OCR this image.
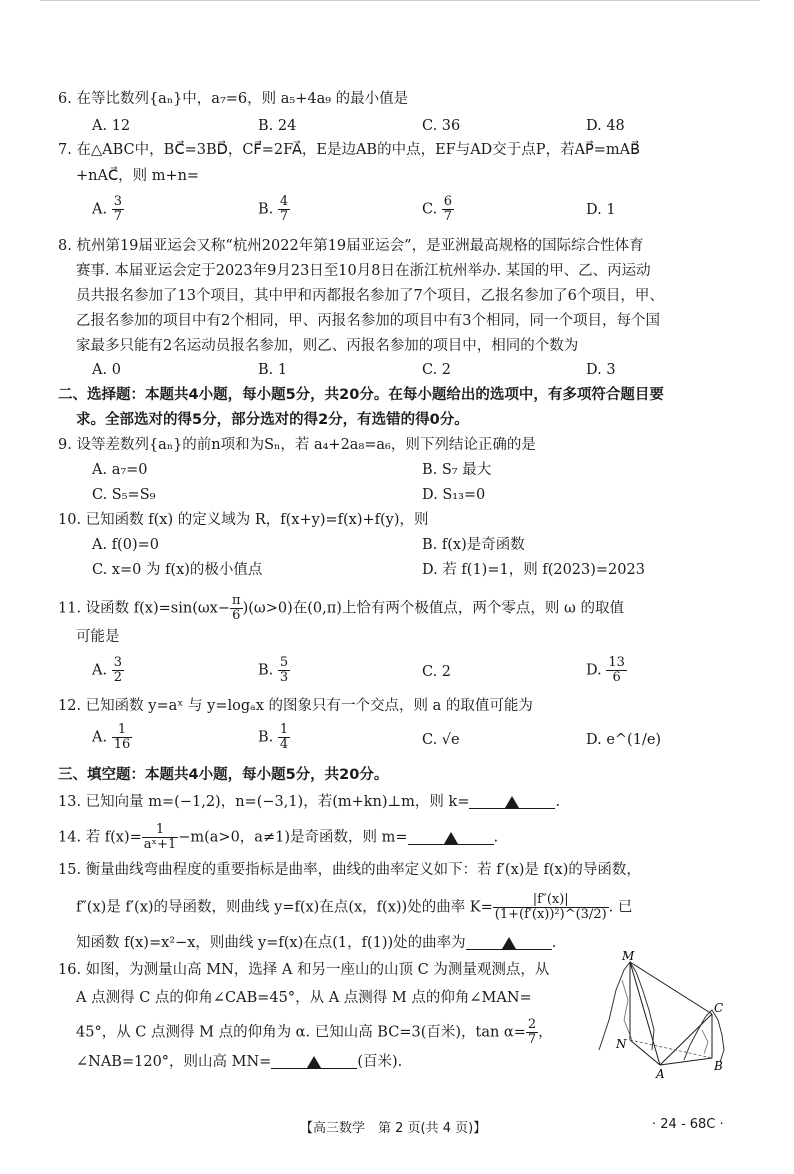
6. 在等比数列{aₙ}中，a₇=6，则 a₅+4a₉ 的最小值是
A. 12	B. 24	C. 36	D. 48
7. 在△ABC中，BC⃗=3BD⃗，CF⃗=2FA⃗，E是边AB的中点，EF与AD交于点P，若AP⃗=mAB⃗
+nAC⃗，则 m+n=
A. $\frac{3}{7}$	B. $\frac{4}{7}$	C. $\frac{6}{7}$	D. 1
8. 杭州第19届亚运会又称“杭州2022年第19届亚运会”，是亚洲最高规格的国际综合性体育
赛事. 本届亚运会定于2023年9月23日至10月8日在浙江杭州举办. 某国的甲、乙、丙运动
员共报名参加了13个项目，其中甲和丙都报名参加了7个项目，乙报名参加了6个项目，甲、
乙报名参加的项目中有2个相同，甲、丙报名参加的项目中有3个相同，同一个项目，每个国
家最多只能有2名运动员报名参加，则乙、丙报名参加的项目中，相同的个数为
A. 0	B. 1	C. 2	D. 3
二、选择题：本题共4小题，每小题5分，共20分。在每小题给出的选项中，有多项符合题目要
求。全部选对的得5分，部分选对的得2分，有选错的得0分。
9. 设等差数列{aₙ}的前n项和为Sₙ，若 a₄+2a₈=a₆，则下列结论正确的是
A. a₇=0	B. S₇ 最大
C. S₅=S₉	D. S₁₃=0
10. 已知函数 f(x) 的定义域为 R，f(x+y)=f(x)+f(y)，则
A. f(0)=0	B. f(x)是奇函数
C. x=0 为 f(x)的极小值点	D. 若 f(1)=1，则 f(2023)=2023
11. 设函数 $f(x)=\sin(\omega x- \frac{\pi}{6} )(\omega>0)$在(0,π)上恰有两个极值点，两个零点，则 ω 的取值
可能是
A. $\frac{3}{2}$	B. $\frac{5}{3}$	C. 2	D. $\frac{13}{6}$
12. 已知函数 y=aˣ 与 y=logₐx 的图象只有一个交点，则 a 的取值可能为
A. $\frac{1}{16}$	B. $\frac{1}{4}$	C. √e	D. e^(1/e)
三、填空题：本题共4小题，每小题5分，共20分。
13. 已知向量 m=(−1,2)，n=(−3,1)，若(m+kn)⊥m，则 k=	.
14. 若 $f(x)= \frac{1}{\text{aˣ+1}} -m(a>0$，a≠1)是奇函数，则 m=	.
15. 衡量曲线弯曲程度的重要指标是曲率，曲线的曲率定义如下：若 f′(x)是 f(x)的导函数，
f″(x)是 f′(x)的导函数，则曲线 y=f(x)在点(x，f(x))处的曲率 $K= \frac{|f''(x)|}{\text{(1+(f′(x))²)\textasciicircum{}(3/2)}}$ . 已
知函数 f(x)=x²−x，则曲线 y=f(x)在点(1，f(1))处的曲率为	.
16. 如图，为测量山高 MN，选择 A 和另一座山的山顶 C 为测量观测点，从
A 点测得 C 点的仰角∠CAB=45°，从 A 点测得 M 点的仰角∠MAN=
45°，从 C 点测得 M 点的仰角为 α. 已知山高 BC=3(百米)，$\tan \alpha= \frac{2}{7}$ ，
∠NAB=120°，则山高 MN=	(百米).
M
N
A
B
C
【高三数学　第 2 页(共 4 页)】	· 24 - 68C ·
